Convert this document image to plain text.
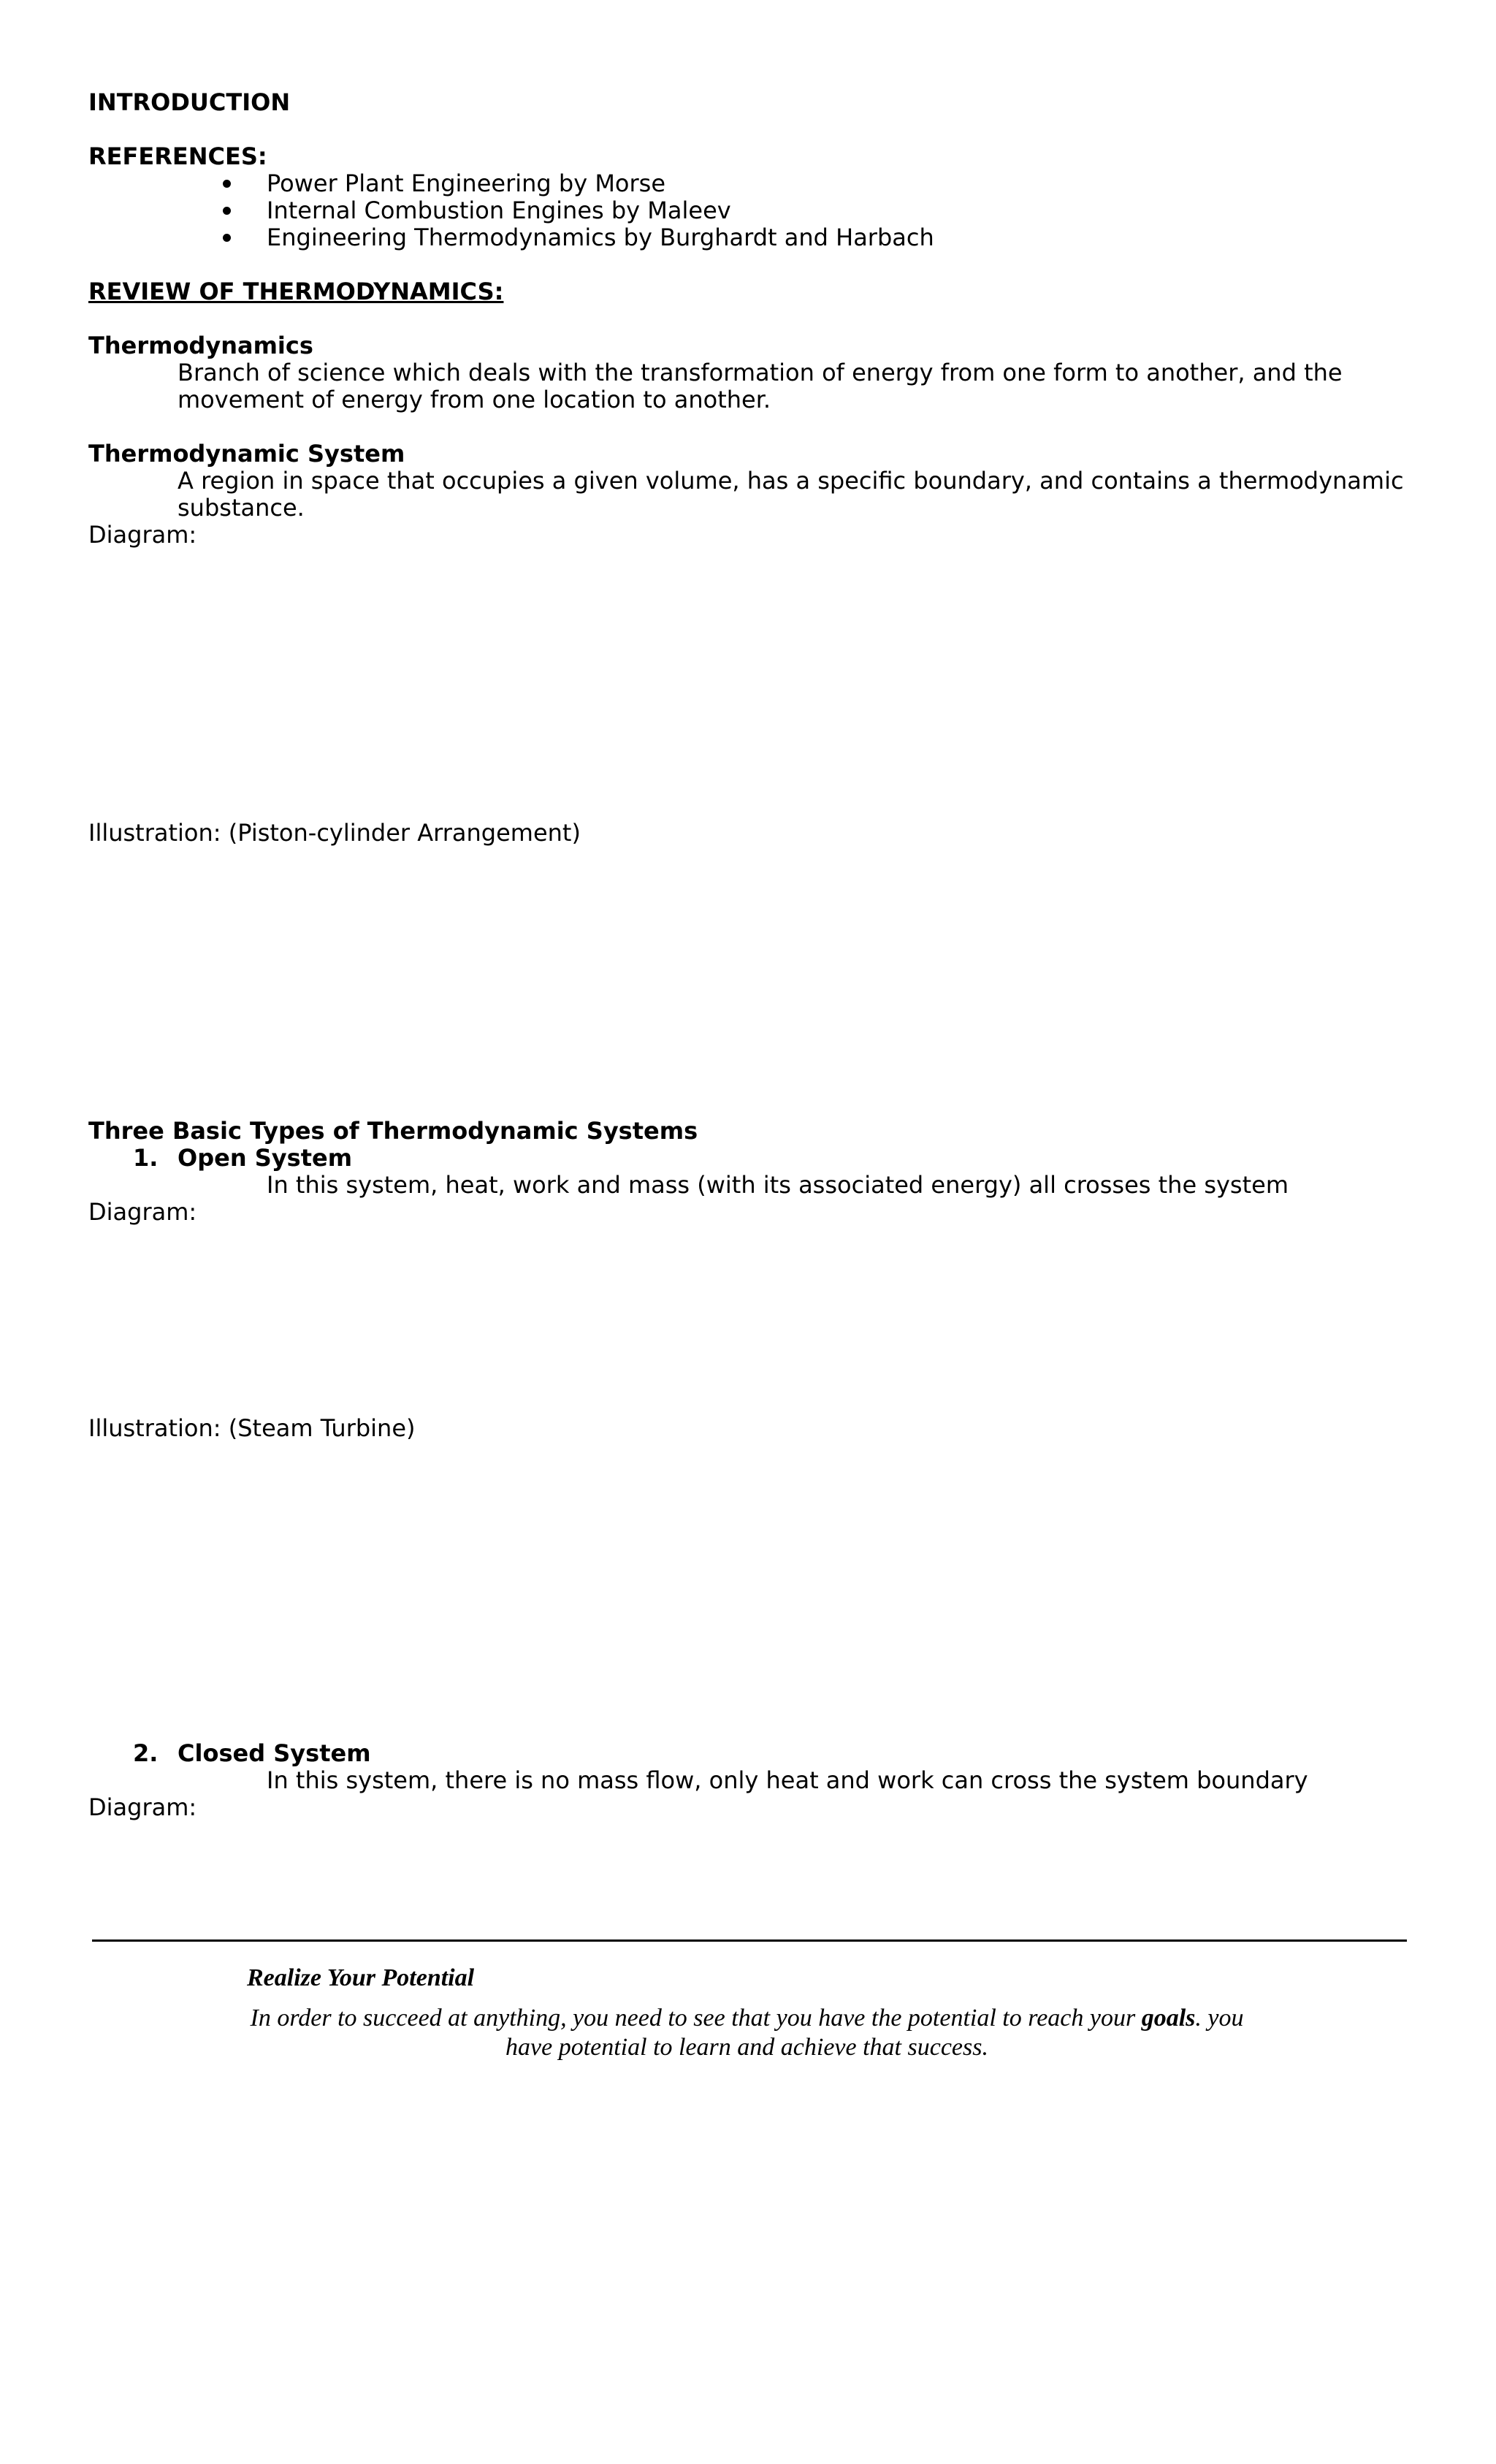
INTRODUCTION
REFERENCES:
Power Plant Engineering by Morse
Internal Combustion Engines by Maleev
Engineering Thermodynamics by Burghardt and Harbach
REVIEW OF THERMODYNAMICS:
Thermodynamics
Branch of science which deals with the transformation of energy from one form to another, and the movement of energy from one location to another.
Thermodynamic System
A region in space that occupies a given volume, has a specific boundary, and contains a thermodynamic substance.
Diagram:
Illustration: (Piston-cylinder Arrangement)
Three Basic Types of Thermodynamic Systems
1. Open System
In this system, heat, work and mass (with its associated energy) all crosses the system
Diagram:
Illustration: (Steam Turbine)
2. Closed System
In this system, there is no mass flow, only heat and work can cross the system boundary
Diagram:
Realize Your Potential
In order to succeed at anything, you need to see that you have the potential to reach your goals. you have potential to learn and achieve that success.
